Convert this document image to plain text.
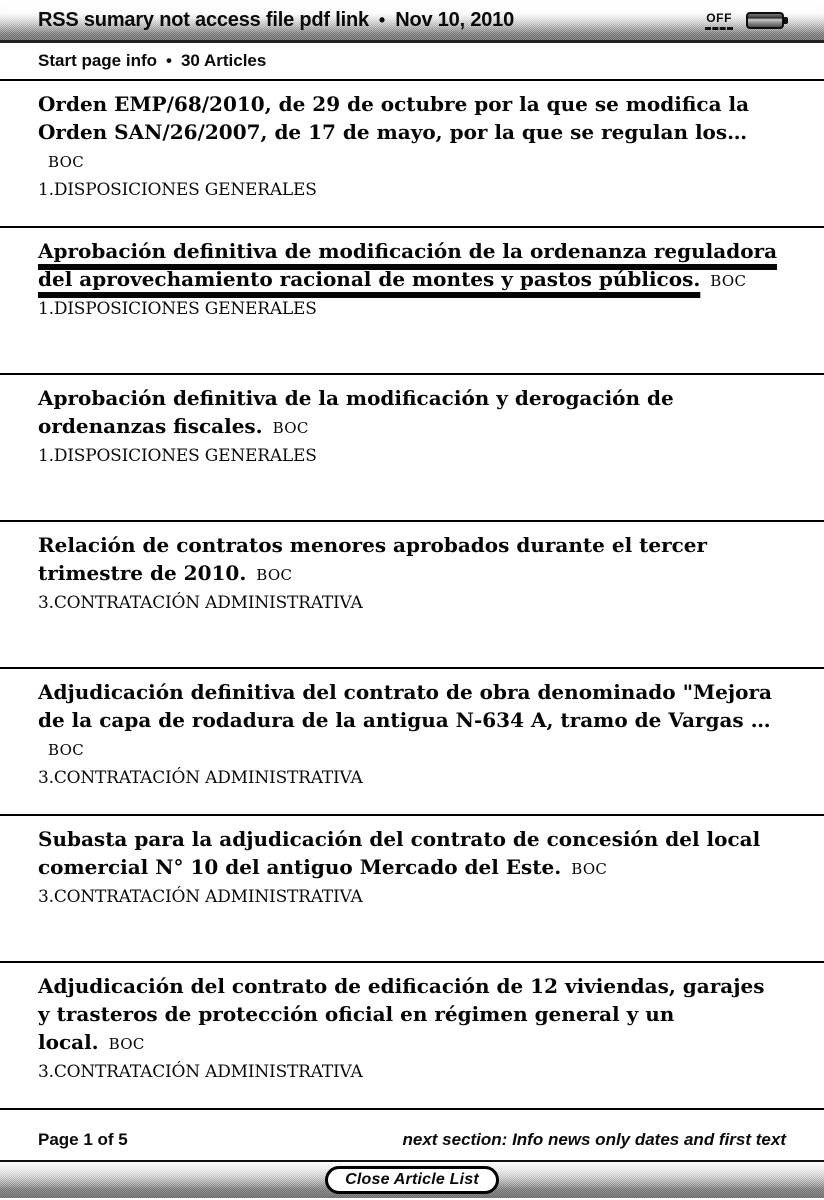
RSS sumary not access file pdf link • Nov 10, 2010	OFF
Start page info • 30 Articles
Orden EMP/68/2010, de 29 de octubre por la que se modifica la Orden SAN/26/2007, de 17 de mayo, por la que se regulan los…BOC
1.DISPOSICIONES GENERALES
Aprobación definitiva de modificación de la ordenanza reguladora del aprovechamiento racional de montes y pastos públicos. BOC
1.DISPOSICIONES GENERALES
Aprobación definitiva de la modificación y derogación de ordenanzas fiscales. BOC
1.DISPOSICIONES GENERALES
Relación de contratos menores aprobados durante el tercer trimestre de 2010. BOC
3.CONTRATACIÓN ADMINISTRATIVA
Adjudicación definitiva del contrato de obra denominado "Mejora de la capa de rodadura de la antigua N-634 A, tramo de Vargas …BOC
3.CONTRATACIÓN ADMINISTRATIVA
Subasta para la adjudicación del contrato de concesión del local comercial N° 10 del antiguo Mercado del Este. BOC
3.CONTRATACIÓN ADMINISTRATIVA
Adjudicación del contrato de edificación de 12 viviendas, garajes y trasteros de protección oficial en régimen general y un local. BOC
3.CONTRATACIÓN ADMINISTRATIVA
Page 1 of 5	next section: Info news only dates and first text
Close Article List
